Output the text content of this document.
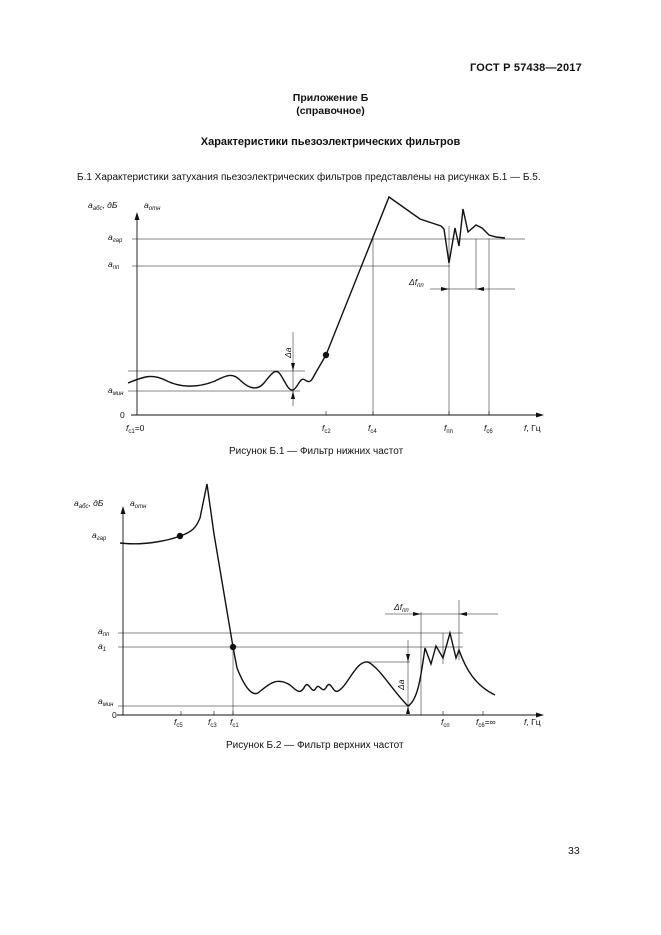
ГОСТ Р 57438—2017
Приложение Б
(справочное)
Характеристики пьезоэлектрических фильтров
Б.1 Характеристики затухания пьезоэлектрических фильтров представлены на рисунках Б.1 — Б.5.
$a_{абс}$, дБ	$a_{отн}$
$a_{гар}$
$a_{пп}$
$a_{мин}$
0
$f_{с1}=0$	$f_{с2}$	$f_{с4}$	$f_{пп}$	$f_{с6}$	f, Гц
Δa
$\Delta f_{пп}$
Рисунок Б.1 — Фильтр нижних частот
$a_{абс}$, дБ	$a_{отн}$
$a_{гар}$
$a_{пп}$
$a_1$
$a_{мин}$
0
$f_{с5}$	$f_{с3}$ $f_{с1}$	$f_{сп}$	$f_{с6}=\infty$	f, Гц
Δa
$\Delta f_{пп}$
Рисунок Б.2 — Фильтр верхних частот
33
